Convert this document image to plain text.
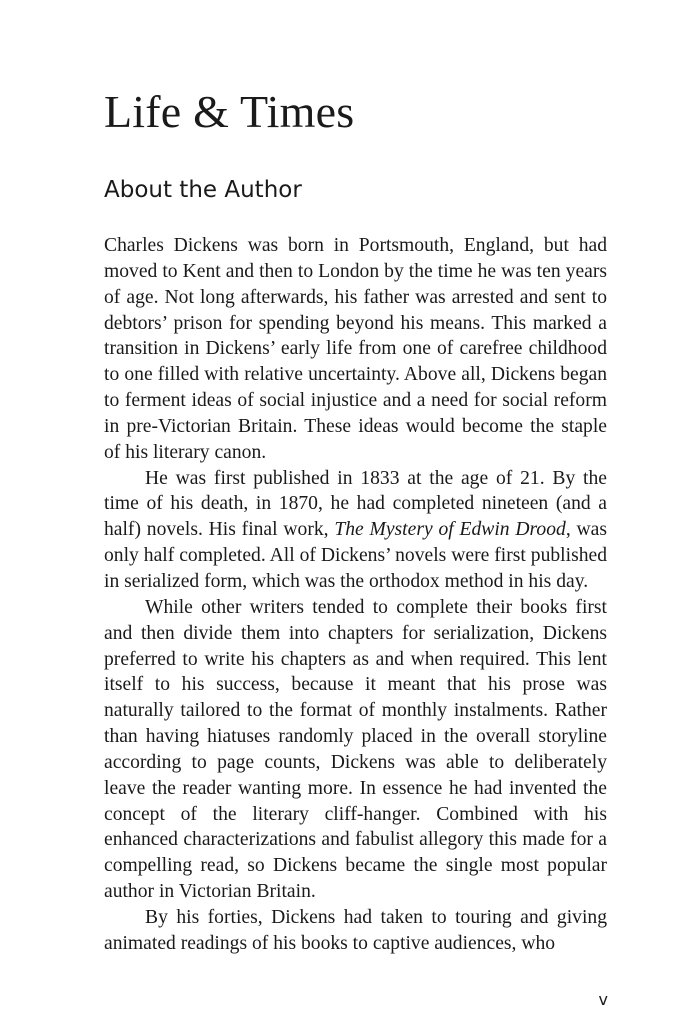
Life & Times
About the Author

Charles Dickens was born in Portsmouth, England, but had moved to Kent and then to London by the time he was ten years of age. Not long afterwards, his father was arrested and sent to debtors’ prison for spending beyond his means. This marked a transition in Dickens’ early life from one of carefree childhood to one filled with relative uncertainty. Above all, Dickens began to ferment ideas of social injustice and a need for social reform in pre-Victorian Britain. These ideas would become the staple of his literary canon.

He was first published in 1833 at the age of 21. By the time of his death, in 1870, he had completed nineteen (and a half) novels. His final work, The Mystery of Edwin Drood, was only half completed. All of Dickens’ novels were first published in serialized form, which was the orthodox method in his day.

While other writers tended to complete their books first and then divide them into chapters for serialization, Dickens preferred to write his chapters as and when required. This lent itself to his success, because it meant that his prose was naturally tailored to the format of monthly instalments. Rather than having hiatuses randomly placed in the overall storyline according to page counts, Dickens was able to deliberately leave the reader wanting more. In essence he had invented the concept of the literary cliff-hanger. Combined with his enhanced characterizations and fabulist allegory this made for a compelling read, so Dickens became the single most popular author in Victorian Britain.

By his forties, Dickens had taken to touring and giving animated readings of his books to captive audiences, who

v
